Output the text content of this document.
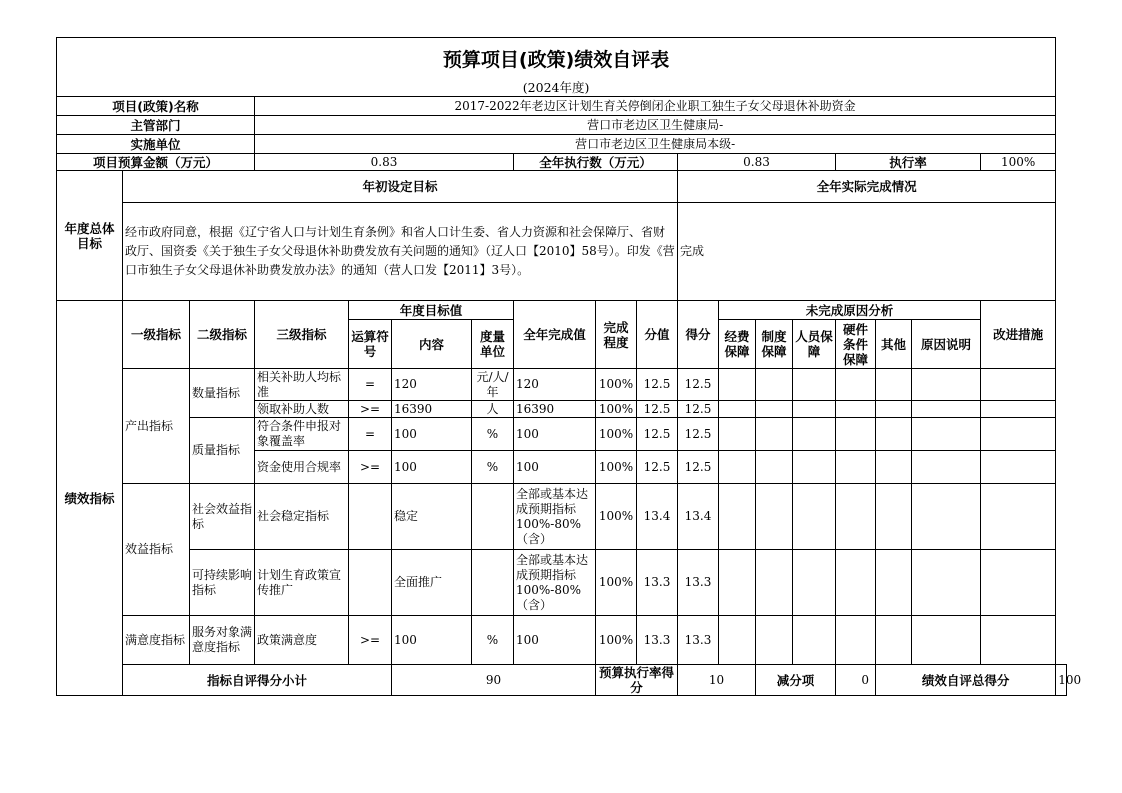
预算项目(政策)绩效自评表																		
(2024年度)																		
项目(政策)名称			2017-2022年老边区计划生育关停倒闭企业职工独生子女父母退休补助资金															
主管部门			营口市老边区卫生健康局-															
实施单位			营口市老边区卫生健康局本级-															
项目预算金额（万元）			0.83				全年执行数（万元）			0.83				执行率			100%	
年度总体目标	年初设定目标									全年实际完成情况								
	经市政府同意，根据《辽宁省人口与计划生育条例》和省人口计生委、省人力资源和社会保障厅、省财政厅、国资委《关于独生子女父母退休补助费发放有关问题的通知》（辽人口【2010】58号）。印发《营口市独生子女父母退休补助费发放办法》的通知（营人口发【2011】3号）。									完成								
绩效指标	一级指标	二级指标	三级指标	年度目标值			全年完成值	完成程度	分值	得分	未完成原因分析						改进措施	
				运算符号	内容	度量单位					经费保障	制度保障	人员保障	硬件条件保障	其他	原因说明		
	产出指标	数量指标	相关补助人均标准	=	120	元/人/年	120	100%	12.5	12.5								
			领取补助人数	>=	16390	人	16390	100%	12.5	12.5								
		质量指标	符合条件申报对象覆盖率	=	100	%	100	100%	12.5	12.5								
			资金使用合规率	>=	100	%	100	100%	12.5	12.5								
	效益指标	社会效益指标	社会稳定指标		稳定		全部或基本达成预期指标100%-80%（含）	100%	13.4	13.4								
		可持续影响指标	计划生育政策宣传推广		全面推广		全部或基本达成预期指标100%-80%（含）	100%	13.3	13.3								
	满意度指标	服务对象满意度指标	政策满意度	>=	100	%	100	100%	13.3	13.3								
	指标自评得分小计				90			预算执行率得分		10		减分项		0	绩效自评总得分			100
